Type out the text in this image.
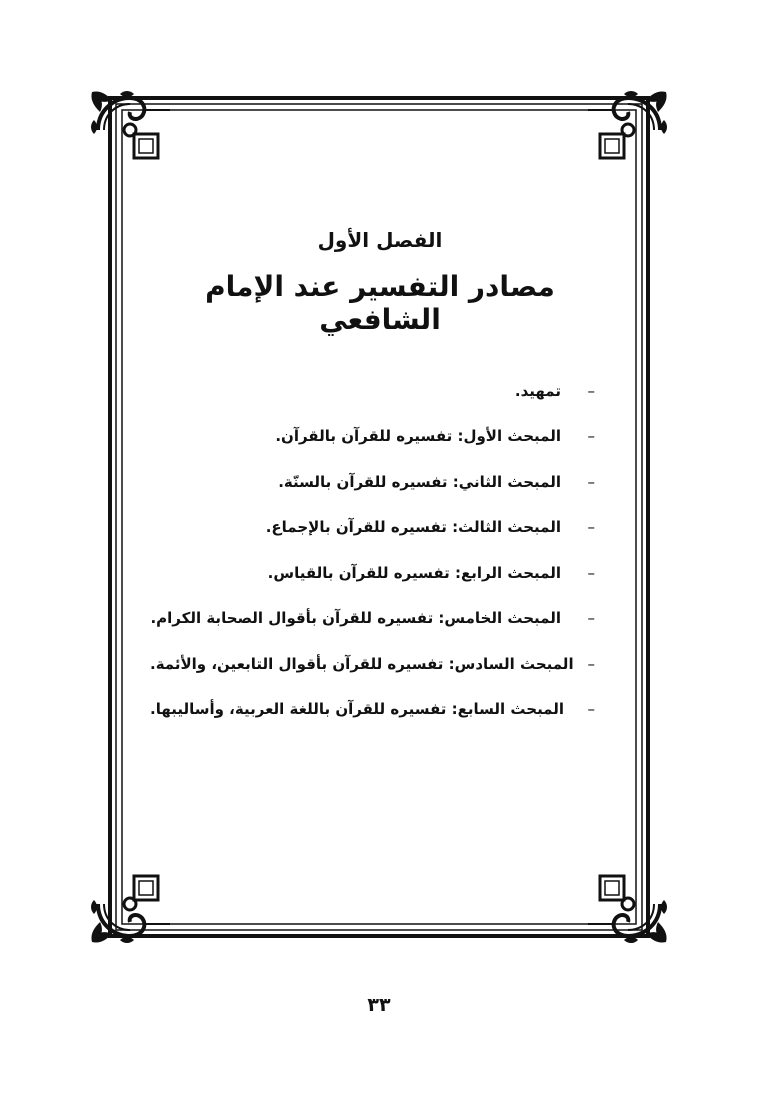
الفصل الأول
مصادر التفسير عند الإمام الشافعي
–
تمهيد.
–
المبحث الأول: تفسيره للقرآن بالقرآن.
–
المبحث الثاني: تفسيره للقرآن بالسنّة.
–
المبحث الثالث: تفسيره للقرآن بالإجماع.
–
المبحث الرابع: تفسيره للقرآن بالقياس.
–
المبحث الخامس: تفسيره للقرآن بأقوال الصحابة الكرام.
–
المبحث السادس: تفسيره للقرآن بأقوال التابعين، والأئمة.
–
المبحث السابع: تفسيره للقرآن باللغة العربية، وأساليبها.
٣٣
